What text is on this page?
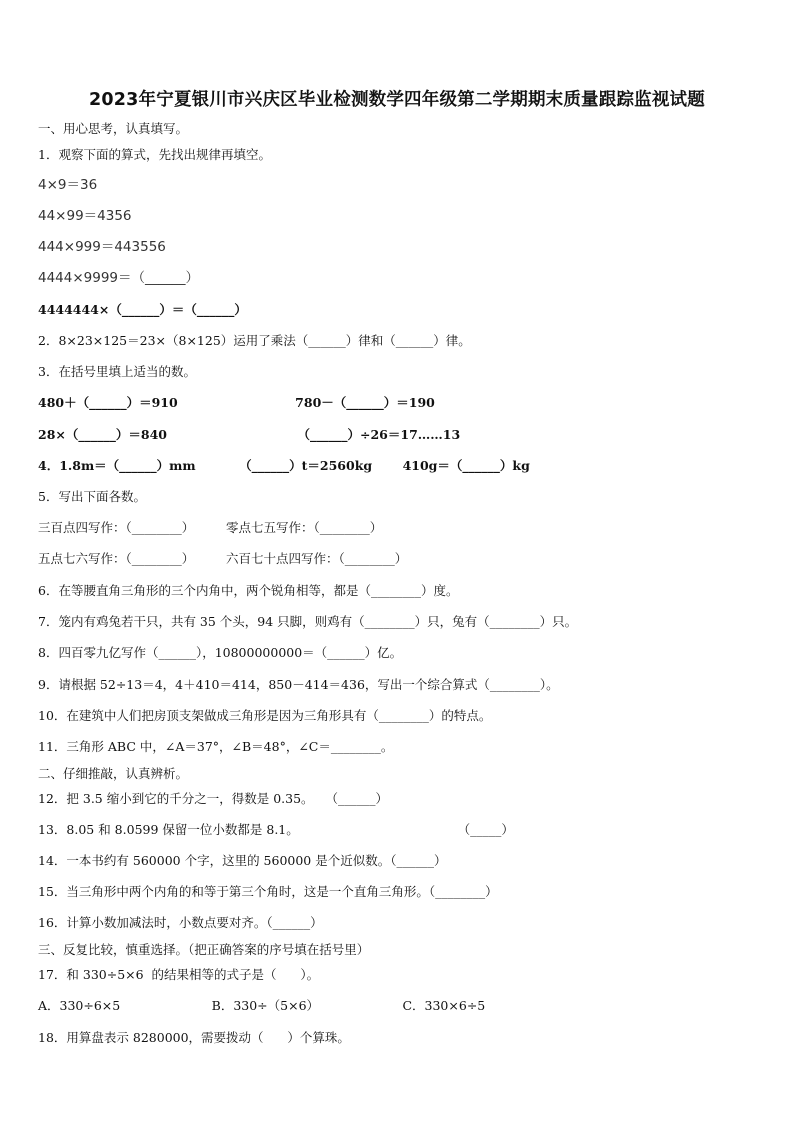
2023年宁夏银川市兴庆区毕业检测数学四年级第二学期期末质量跟踪监视试题
一、用心思考，认真填写。
1．观察下面的算式，先找出规律再填空。
4×9＝36
44×99＝4356
444×999＝443556
4444×9999＝（______）
4444444×（______）＝（______）
2．8×23×125＝23×（8×125）运用了乘法（______）律和（______）律。
3．在括号里填上适当的数。
480＋（______）＝910                           780－（______）＝190
28×（______）＝840                              （______）÷26＝17……13
4．1.8m＝（______）mm          （______）t＝2560kg       410g＝（______）kg
5．写出下面各数。
三百点四写作：（________）        零点七五写作：（________）
五点七六写作：（________）        六百七十点四写作：（________）
6．在等腰直角三角形的三个内角中，两个锐角相等，都是（________）度。
7．笼内有鸡兔若干只，共有 35 个头，94 只脚，则鸡有（________）只，兔有（________）只。
8．四百零九亿写作（______），10800000000＝（______）亿。
9．请根据 52÷13＝4，4＋410＝414，850－414＝436，写出一个综合算式（________）。
10．在建筑中人们把房顶支架做成三角形是因为三角形具有（________）的特点。
11．三角形 ABC 中，∠A＝37°，∠B＝48°，∠C＝________。
二、仔细推敲，认真辨析。
12．把 3.5 缩小到它的千分之一，得数是 0.35。   （______）
13．8.05 和 8.0599 保留一位小数都是 8.1。                                        （_____）
14．一本书约有 560000 个字，这里的 560000 是个近似数。（______）
15．当三角形中两个内角的和等于第三个角时，这是一个直角三角形。（________）
16．计算小数加减法时，小数点要对齐。（______）
三、反复比较，慎重选择。（把正确答案的序号填在括号里）
17．和 330÷5×6  的结果相等的式子是（      ）。
A．330÷6×5                       B．330÷（5×6）                     C．330×6÷5
18．用算盘表示 8280000，需要拨动（      ）个算珠。
